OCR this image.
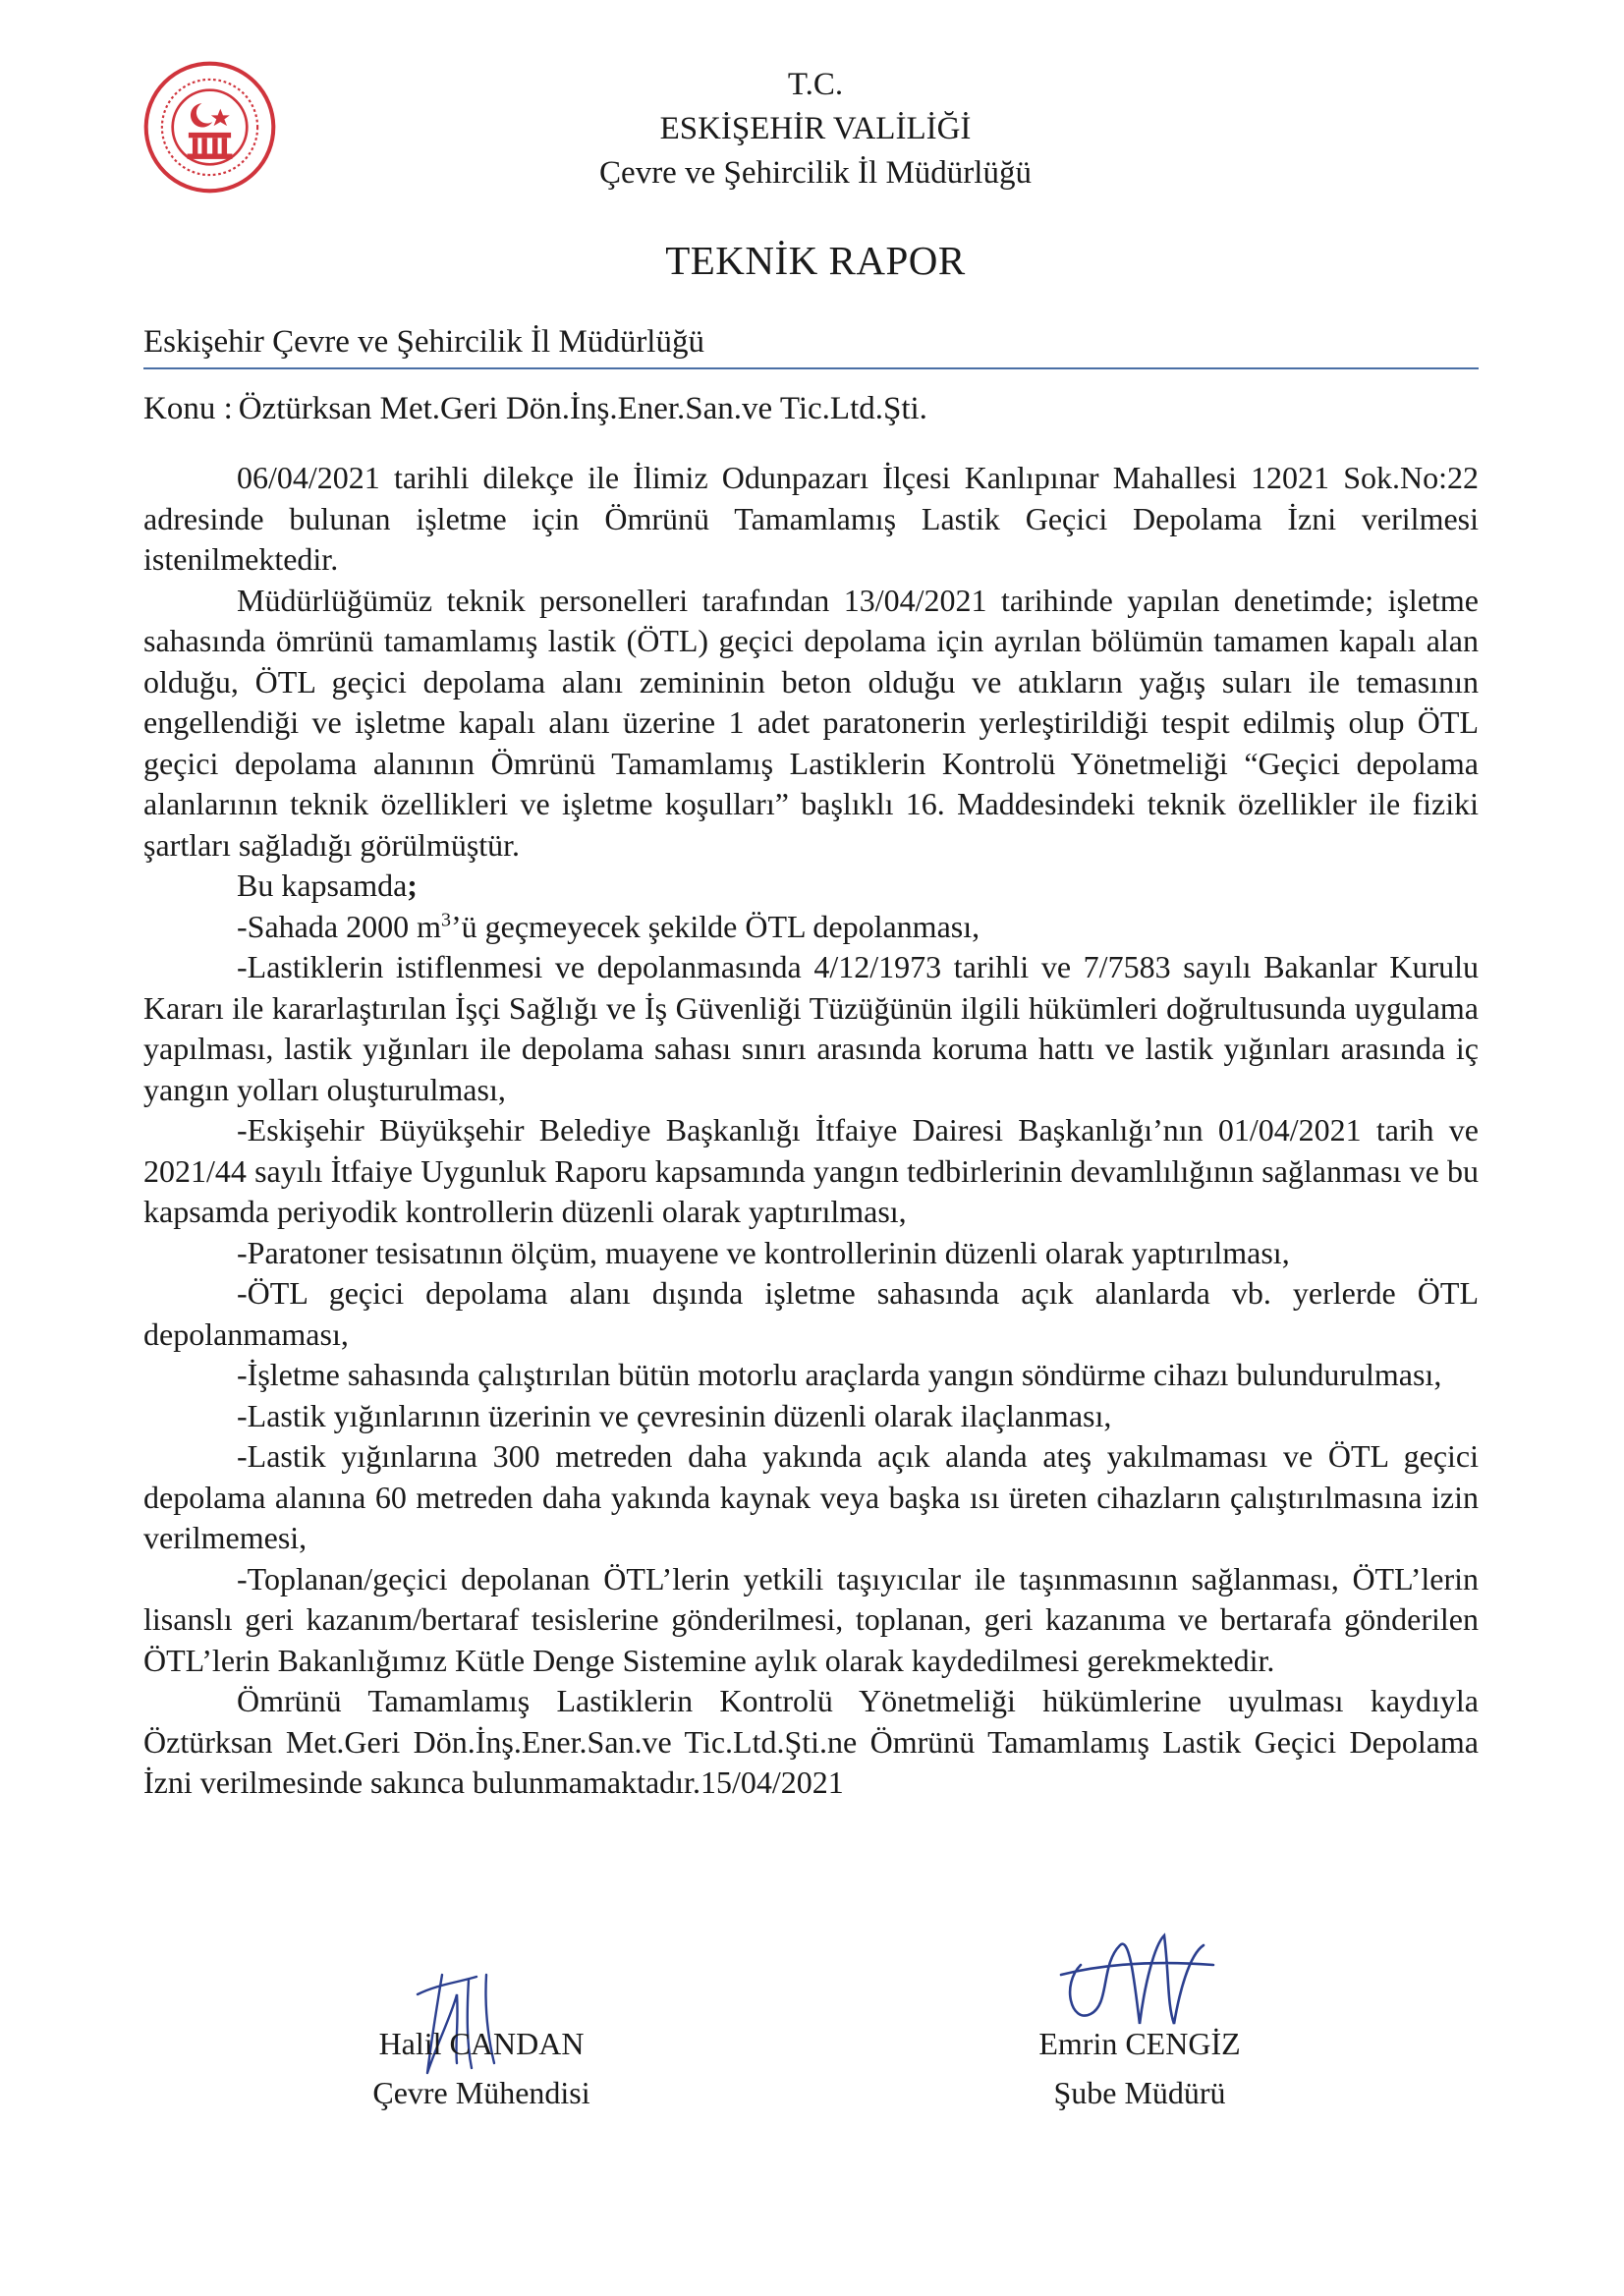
T.C.
ESKİŞEHİR VALİLİĞİ
Çevre ve Şehircilik İl Müdürlüğü
TEKNİK RAPOR
Eskişehir Çevre ve Şehircilik İl Müdürlüğü
Konu : Öztürksan Met.Geri Dön.İnş.Ener.San.ve Tic.Ltd.Şti.

06/04/2021 tarihli dilekçe ile İlimiz Odunpazarı İlçesi Kanlıpınar Mahallesi 12021 Sok.No:22 adresinde bulunan işletme için Ömrünü Tamamlamış Lastik Geçici Depolama İzni verilmesi istenilmektedir.

Müdürlüğümüz teknik personelleri tarafından 13/04/2021 tarihinde yapılan denetimde; işletme sahasında ömrünü tamamlamış lastik (ÖTL) geçici depolama için ayrılan bölümün tamamen kapalı alan olduğu, ÖTL geçici depolama alanı zemininin beton olduğu ve atıkların yağış suları ile temasının engellendiği ve işletme kapalı alanı üzerine 1 adet paratonerin yerleştirildiği tespit edilmiş olup ÖTL geçici depolama alanının Ömrünü Tamamlamış Lastiklerin Kontrolü Yönetmeliği “Geçici depolama alanlarının teknik özellikleri ve işletme koşulları” başlıklı 16. Maddesindeki teknik özellikler ile fiziki şartları sağladığı görülmüştür.

Bu kapsamda;

-Sahada 2000 $m^3’ü$ geçmeyecek şekilde ÖTL depolanması,

-Lastiklerin istiflenmesi ve depolanmasında 4/12/1973 tarihli ve 7/7583 sayılı Bakanlar Kurulu Kararı ile kararlaştırılan İşçi Sağlığı ve İş Güvenliği Tüzüğünün ilgili hükümleri doğrultusunda uygulama yapılması, lastik yığınları ile depolama sahası sınırı arasında koruma hattı ve lastik yığınları arasında iç yangın yolları oluşturulması,

-Eskişehir Büyükşehir Belediye Başkanlığı İtfaiye Dairesi Başkanlığı’nın 01/04/2021 tarih ve 2021/44 sayılı İtfaiye Uygunluk Raporu kapsamında yangın tedbirlerinin devamlılığının sağlanması ve bu kapsamda periyodik kontrollerin düzenli olarak yaptırılması,

-Paratoner tesisatının ölçüm, muayene ve kontrollerinin düzenli olarak yaptırılması,

-ÖTL geçici depolama alanı dışında işletme sahasında açık alanlarda vb. yerlerde ÖTL depolanmaması,

-İşletme sahasında çalıştırılan bütün motorlu araçlarda yangın söndürme cihazı bulundurulması,

-Lastik yığınlarının üzerinin ve çevresinin düzenli olarak ilaçlanması,

-Lastik yığınlarına 300 metreden daha yakında açık alanda ateş yakılmaması ve ÖTL geçici depolama alanına 60 metreden daha yakında kaynak veya başka ısı üreten cihazların çalıştırılmasına izin verilmemesi,

-Toplanan/geçici depolanan ÖTL’lerin yetkili taşıyıcılar ile taşınmasının sağlanması, ÖTL’lerin lisanslı geri kazanım/bertaraf tesislerine gönderilmesi, toplanan, geri kazanıma ve bertarafa gönderilen ÖTL’lerin Bakanlığımız Kütle Denge Sistemine aylık olarak kaydedilmesi gerekmektedir.

Ömrünü Tamamlamış Lastiklerin Kontrolü Yönetmeliği hükümlerine uyulması kaydıyla Öztürksan Met.Geri Dön.İnş.Ener.San.ve Tic.Ltd.Şti.ne Ömrünü Tamamlamış Lastik Geçici Depolama İzni verilmesinde sakınca bulunmamaktadır.15/04/2021

Halil CANDAN
Çevre Mühendisi
Emrin CENGİZ
Şube Müdürü
